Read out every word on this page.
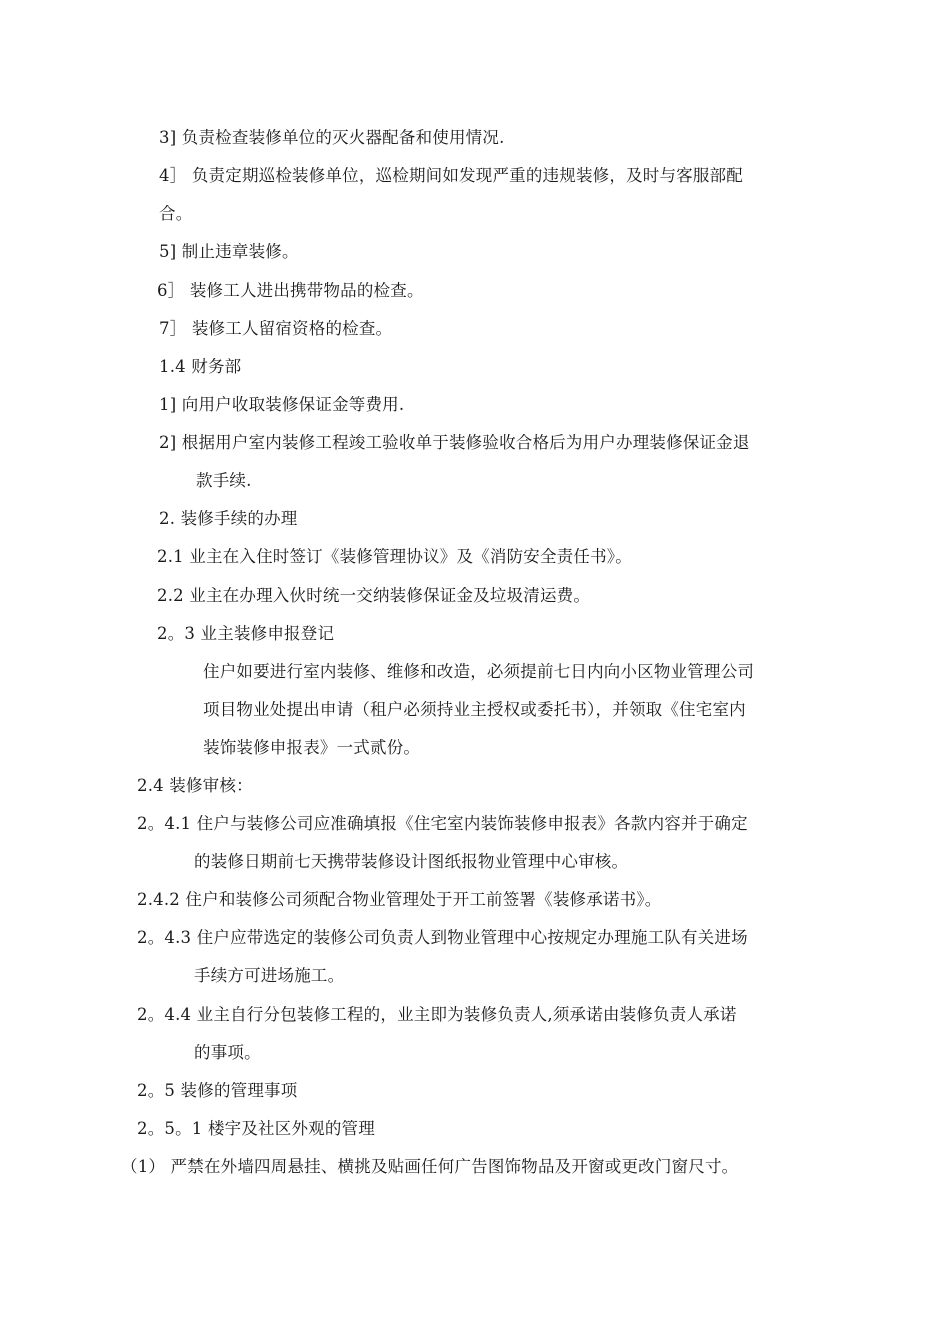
3] 负责检查装修单位的灭火器配备和使用情况.
4］ 负责定期巡检装修单位，巡检期间如发现严重的违规装修，及时与客服部配
合。
5] 制止违章装修。
6］ 装修工人进出携带物品的检查。
7］ 装修工人留宿资格的检查。
1.4 财务部
1] 向用户收取装修保证金等费用.
2] 根据用户室内装修工程竣工验收单于装修验收合格后为用户办理装修保证金退
款手续.
2. 装修手续的办理
2.1 业主在入住时签订《装修管理协议》及《消防安全责任书》。
2.2 业主在办理入伙时统一交纳装修保证金及垃圾清运费。
2。3 业主装修申报登记
住户如要进行室内装修、维修和改造，必须提前七日内向小区物业管理公司
项目物业处提出申请（租户必须持业主授权或委托书），并领取《住宅室内
装饰装修申报表》一式贰份。
2.4 装修审核：
2。4.1 住户与装修公司应准确填报《住宅室内装饰装修申报表》各款内容并于确定
的装修日期前七天携带装修设计图纸报物业管理中心审核。
2.4.2 住户和装修公司须配合物业管理处于开工前签署《装修承诺书》。
2。4.3 住户应带选定的装修公司负责人到物业管理中心按规定办理施工队有关进场
手续方可进场施工。
2。4.4 业主自行分包装修工程的，业主即为装修负责人,须承诺由装修负责人承诺
的事项。
2。5 装修的管理事项
2。5。1 楼宇及社区外观的管理
（1） 严禁在外墙四周悬挂、横挑及贴画任何广告图饰物品及开窗或更改门窗尺寸。
